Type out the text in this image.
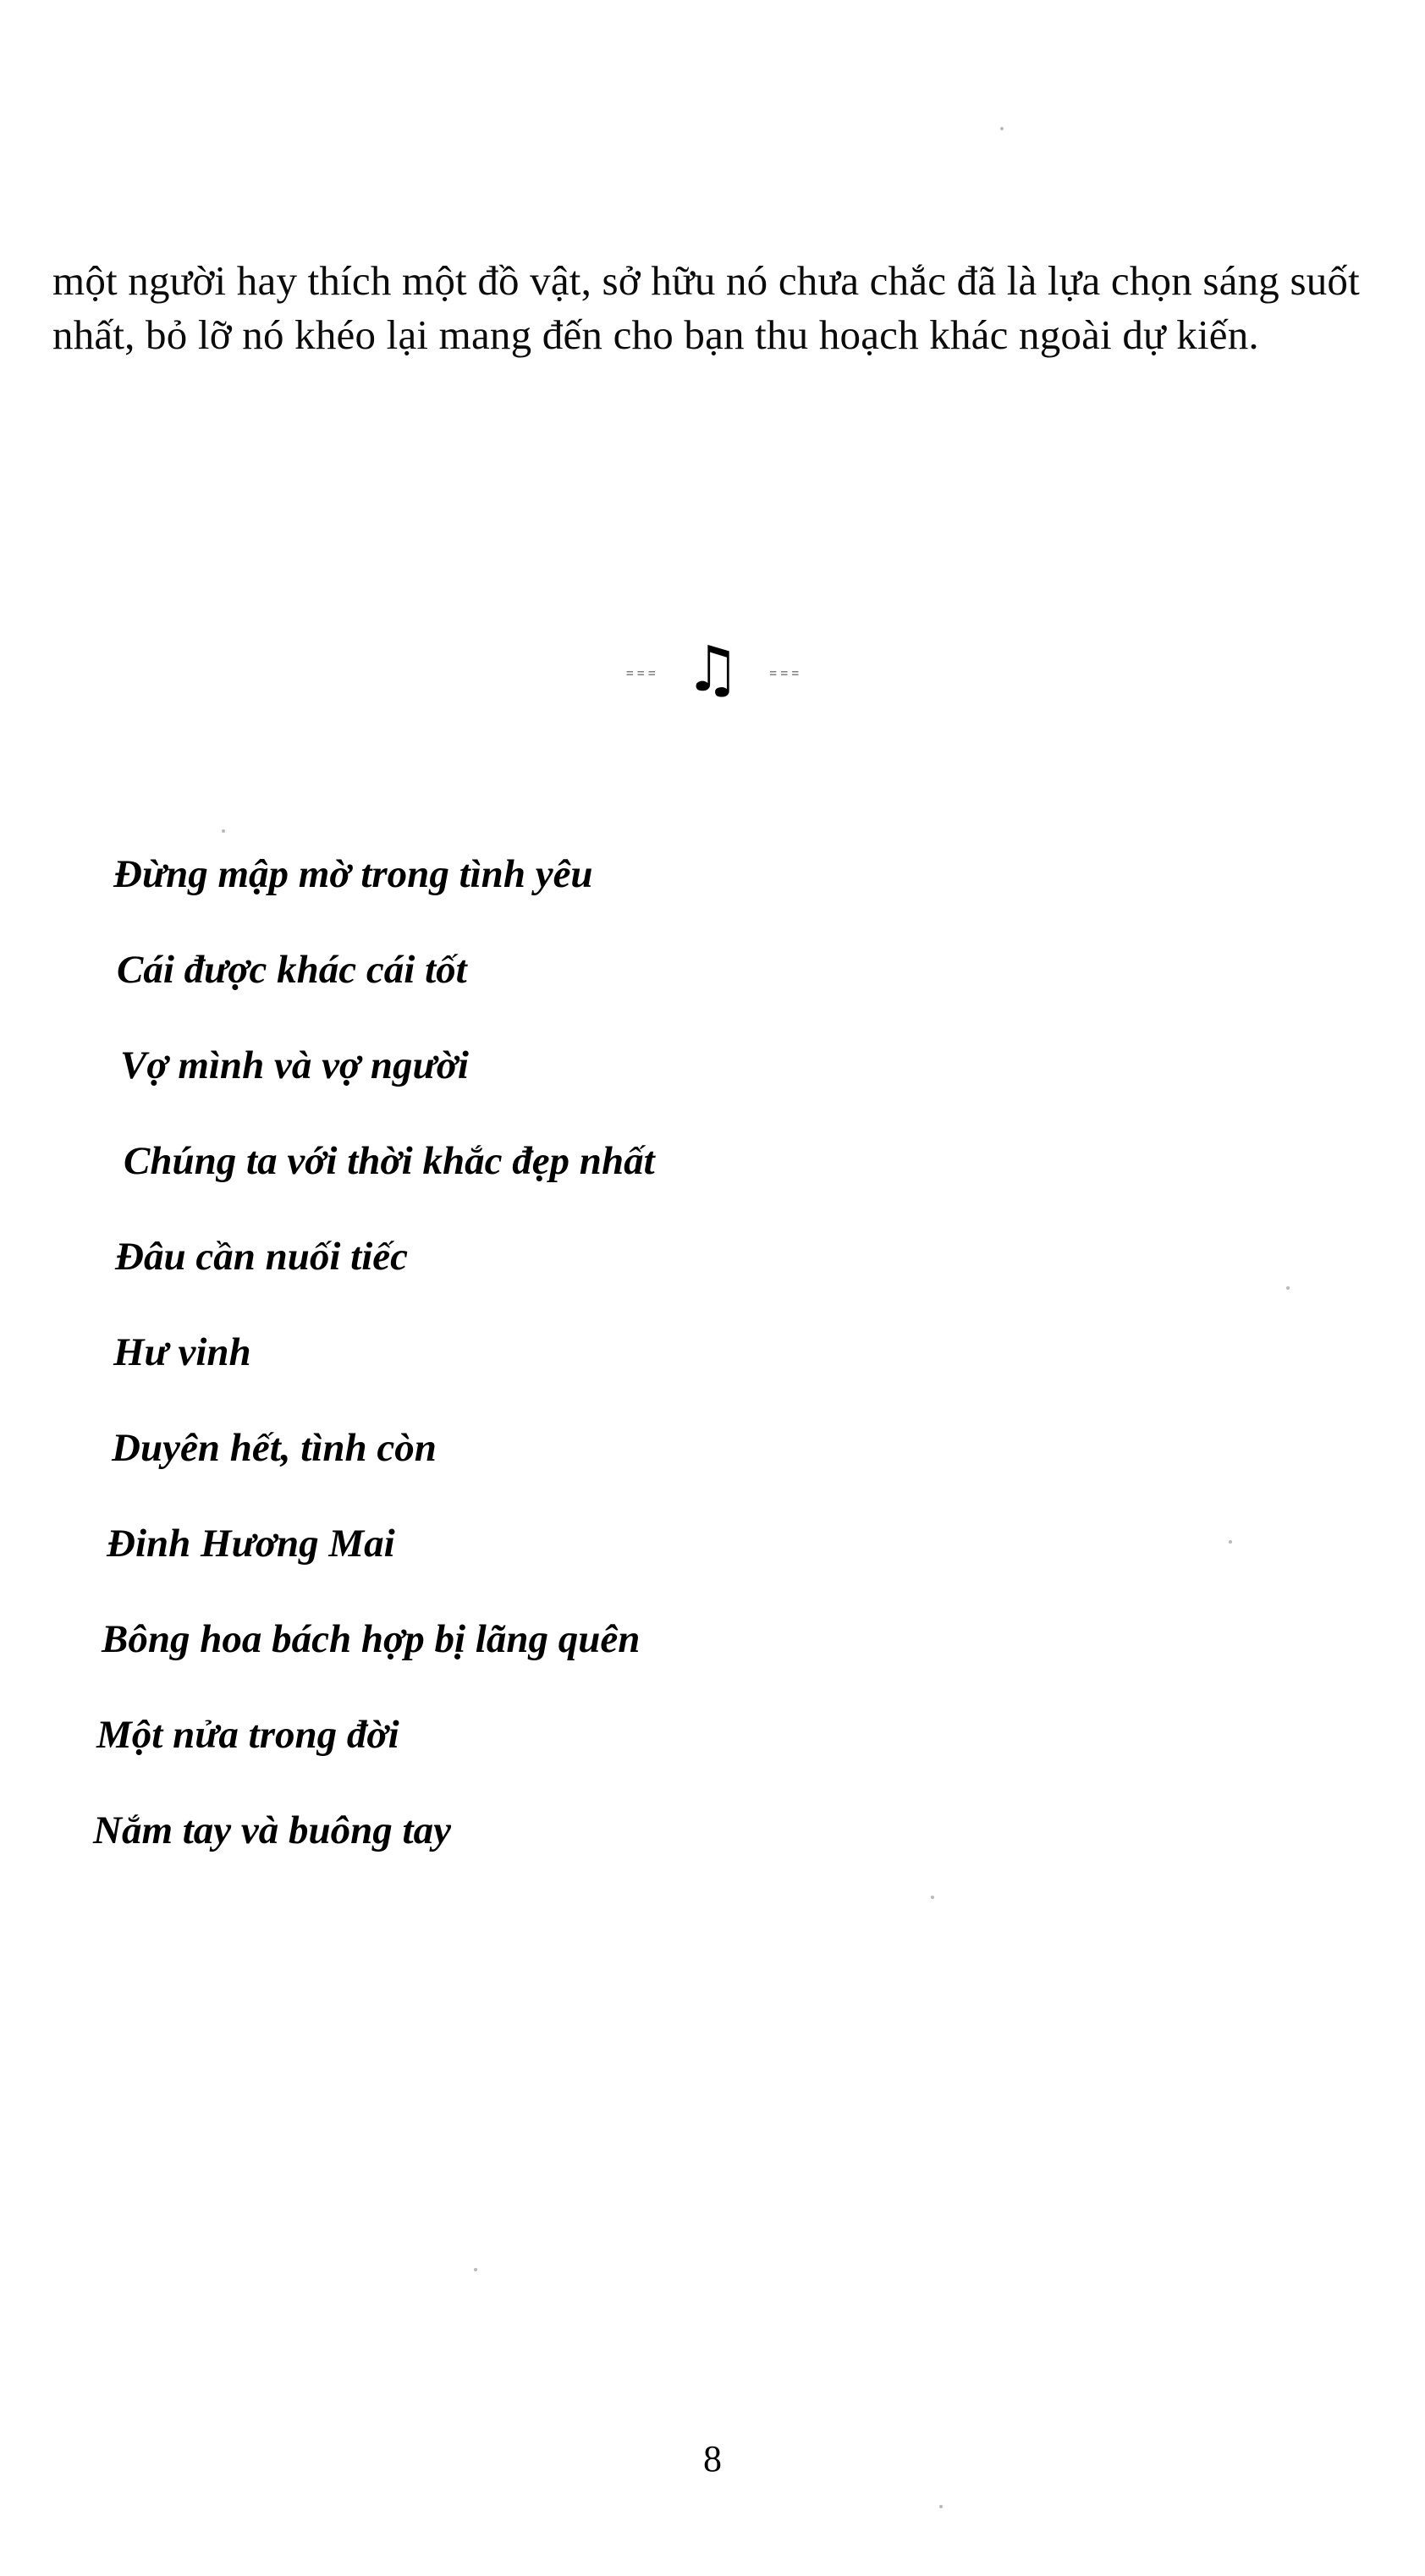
một người hay thích một đồ vật, sở hữu nó chưa chắc đã là lựa chọn sáng suốt nhất, bỏ lỡ nó khéo lại mang đến cho bạn thu hoạch khác ngoài dự kiến.

= = = ♫ = = =
Đừng mập mờ trong tình yêu
Cái được khác cái tốt
Vợ mình và vợ người
Chúng ta với thời khắc đẹp nhất
Đâu cần nuối tiếc
Hư vinh
Duyên hết, tình còn
Đinh Hương Mai
Bông hoa bách hợp bị lãng quên
Một nửa trong đời
Nắm tay và buông tay
8
